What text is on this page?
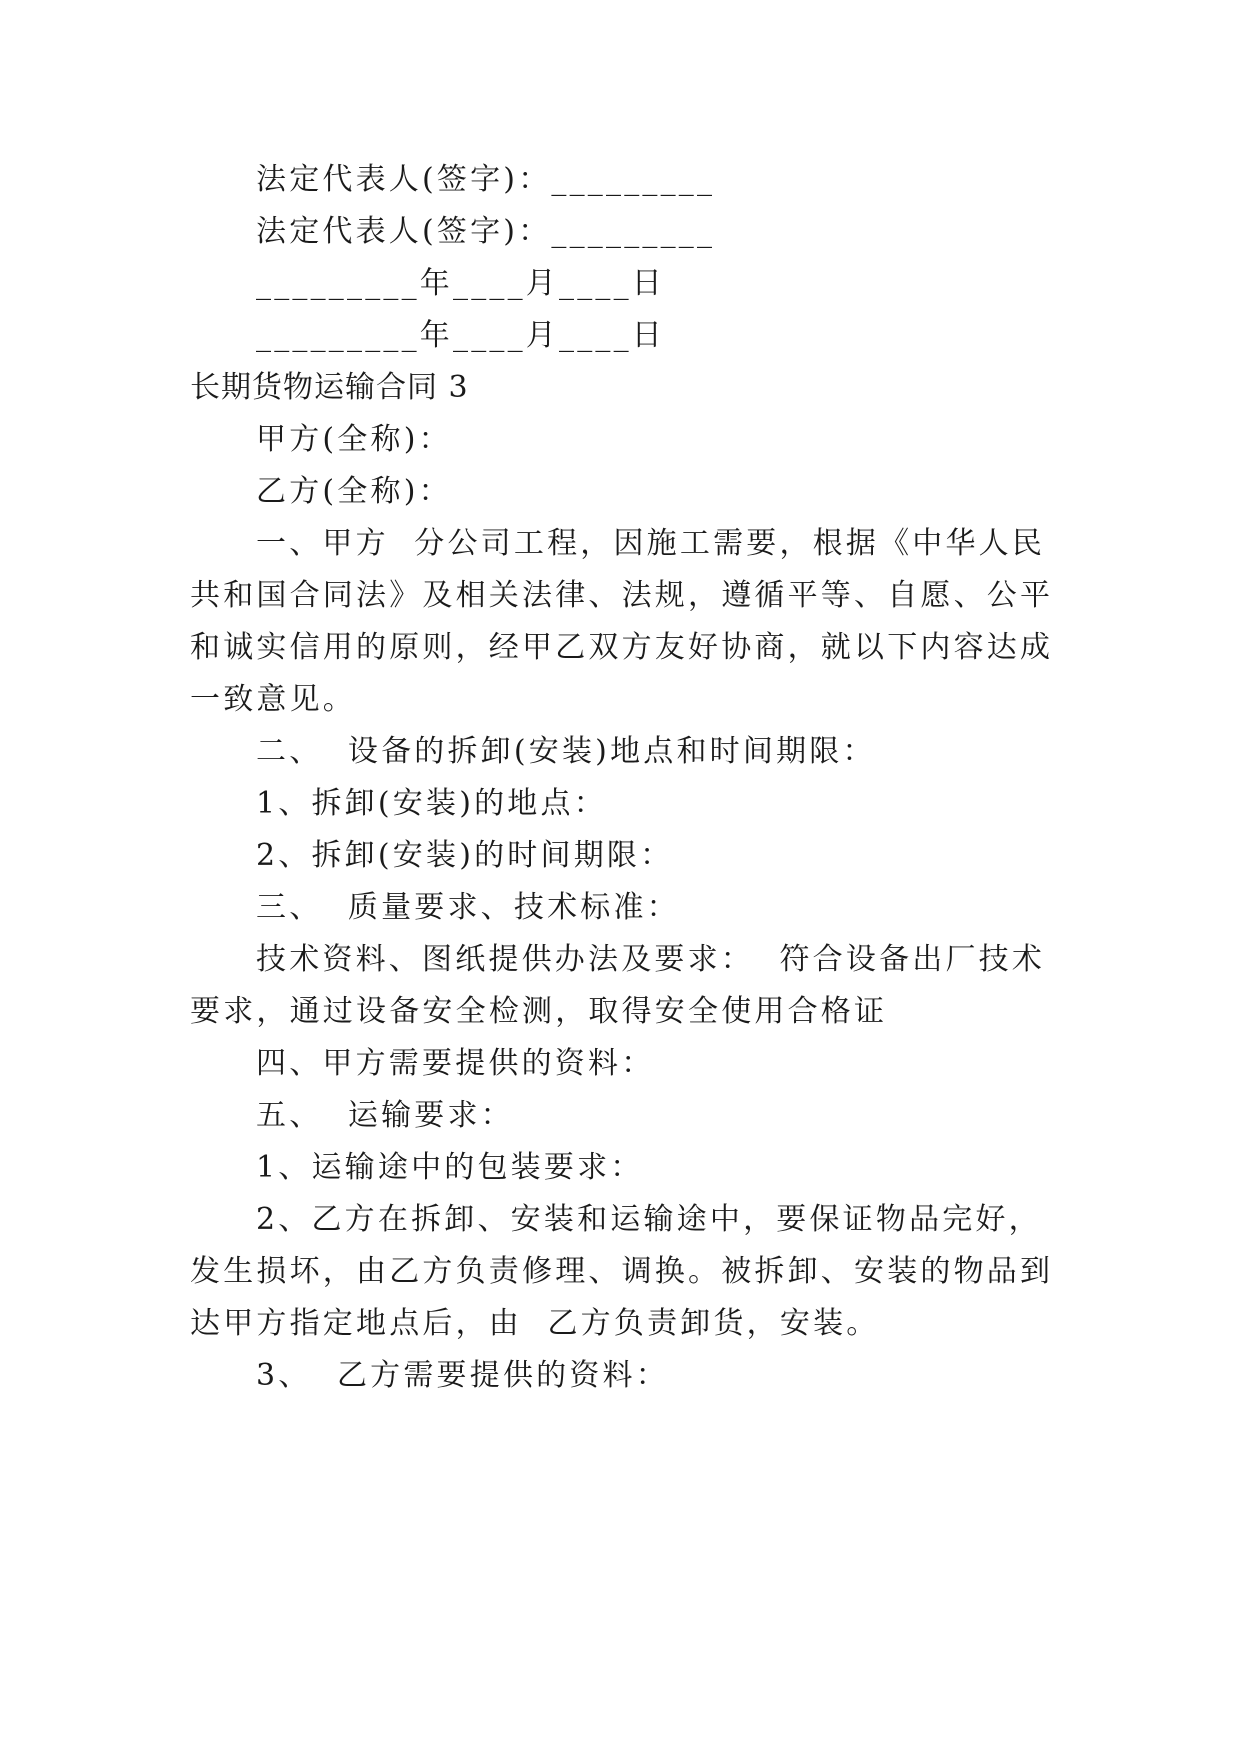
法定代表人(签字)：_________
法定代表人(签字)：_________
_________年____月____日
_________年____月____日
长期货物运输合同 3
甲方(全称)：
乙方(全称)：
一、甲方  分公司工程，因施工需要，根据《中华人民
共和国合同法》及相关法律、法规，遵循平等、自愿、公平
和诚实信用的原则，经甲乙双方友好协商，就以下内容达成
一致意见。
二、  设备的拆卸(安装)地点和时间期限：
1、拆卸(安装)的地点：
2、拆卸(安装)的时间期限：
三、  质量要求、技术标准：
技术资料、图纸提供办法及要求：  符合设备出厂技术
要求，通过设备安全检测，取得安全使用合格证
四、甲方需要提供的资料：
五、  运输要求：
1、运输途中的包装要求：
2、乙方在拆卸、安装和运输途中，要保证物品完好，
发生损坏，由乙方负责修理、调换。被拆卸、安装的物品到
达甲方指定地点后，由  乙方负责卸货，安装。
3、  乙方需要提供的资料：
